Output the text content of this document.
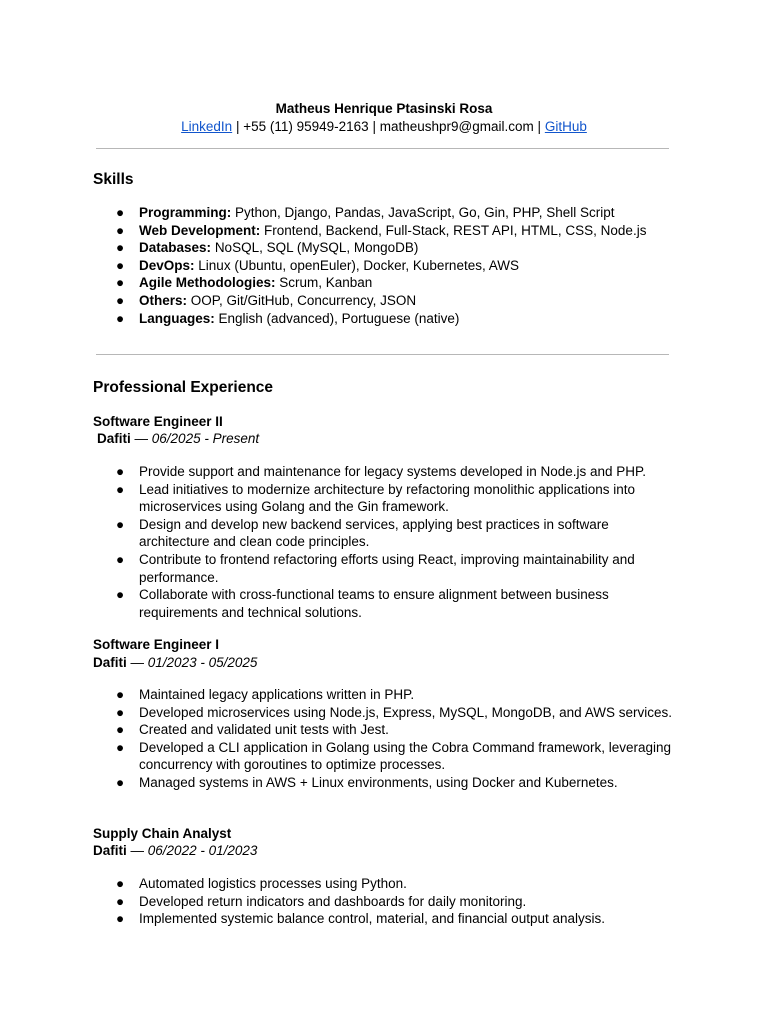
Matheus Henrique Ptasinski Rosa
LinkedIn | +55 (11) 95949-2163 | matheushpr9@gmail.com | GitHub
Skills
● Programming: Python, Django, Pandas, JavaScript, Go, Gin, PHP, Shell Script
● Web Development: Frontend, Backend, Full-Stack, REST API, HTML, CSS, Node.js
● Databases: NoSQL, SQL (MySQL, MongoDB)
● DevOps: Linux (Ubuntu, openEuler), Docker, Kubernetes, AWS
● Agile Methodologies: Scrum, Kanban
● Others: OOP, Git/GitHub, Concurrency, JSON
● Languages: English (advanced), Portuguese (native)
Professional Experience
Software Engineer II
Dafiti — 06/2025 - Present
● Provide support and maintenance for legacy systems developed in Node.js and PHP.
● Lead initiatives to modernize architecture by refactoring monolithic applications into microservices using Golang and the Gin framework.
● Design and develop new backend services, applying best practices in software architecture and clean code principles.
● Contribute to frontend refactoring efforts using React, improving maintainability and performance.
● Collaborate with cross-functional teams to ensure alignment between business requirements and technical solutions.
Software Engineer I
Dafiti — 01/2023 - 05/2025
● Maintained legacy applications written in PHP.
● Developed microservices using Node.js, Express, MySQL, MongoDB, and AWS services.
● Created and validated unit tests with Jest.
● Developed a CLI application in Golang using the Cobra Command framework, leveraging concurrency with goroutines to optimize processes.
● Managed systems in AWS + Linux environments, using Docker and Kubernetes.
Supply Chain Analyst
Dafiti — 06/2022 - 01/2023
● Automated logistics processes using Python.
● Developed return indicators and dashboards for daily monitoring.
● Implemented systemic balance control, material, and financial output analysis.
